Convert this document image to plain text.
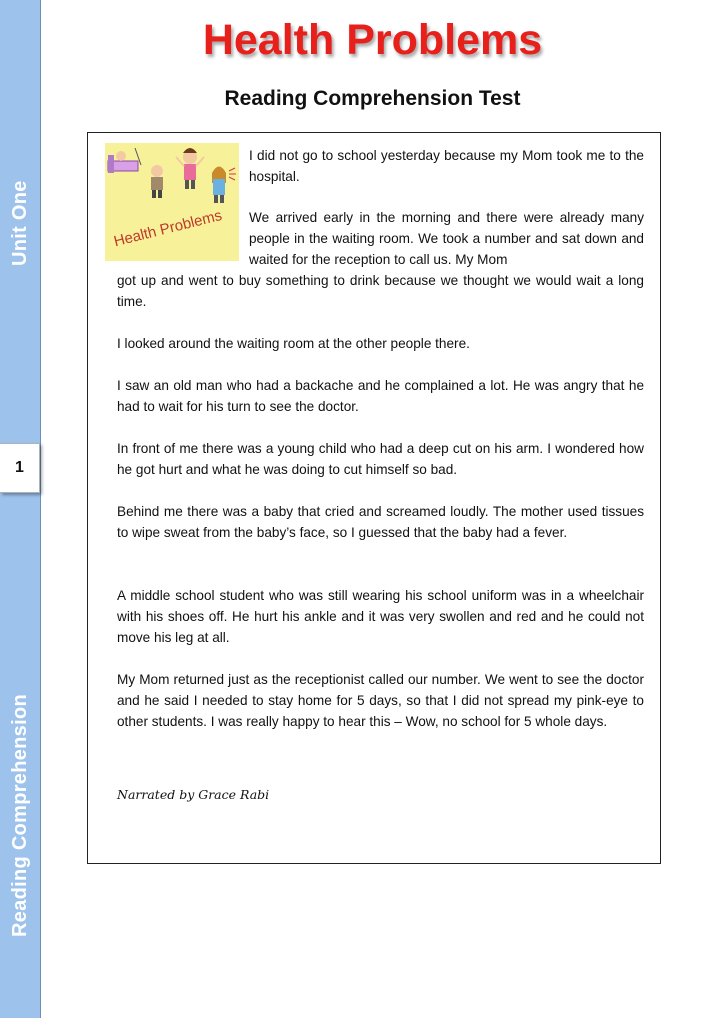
Unit One
Reading Comprehension
1
Health Problems
Reading Comprehension Test
Health Problems

I did not go to school yesterday because my Mom took me to the hospital.

We arrived early in the morning and there were already many people in the waiting room. We took a number and sat down and waited for the reception to call us. My Mom

got up and went to buy something to drink because we thought we would wait a long time.

I looked around the waiting room at the other people there.

I saw an old man who had a backache and he complained a lot. He was angry that he had to wait for his turn to see the doctor.

In front of me there was a young child who had a deep cut on his arm. I wondered how he got hurt and what he was doing to cut himself so bad.

Behind me there was a baby that cried and screamed loudly. The mother used tissues to wipe sweat from the baby’s face, so I guessed that the baby had a fever.

A middle school student who was still wearing his school uniform was in a wheelchair with his shoes off. He hurt his ankle and it was very swollen and red and he could not move his leg at all.

My Mom returned just as the receptionist called our number. We went to see the doctor and he said I needed to stay home for 5 days, so that I did not spread my pink-eye to other students. I was really happy to hear this – Wow, no school for 5 whole days.

Narrated by Grace Rabi
